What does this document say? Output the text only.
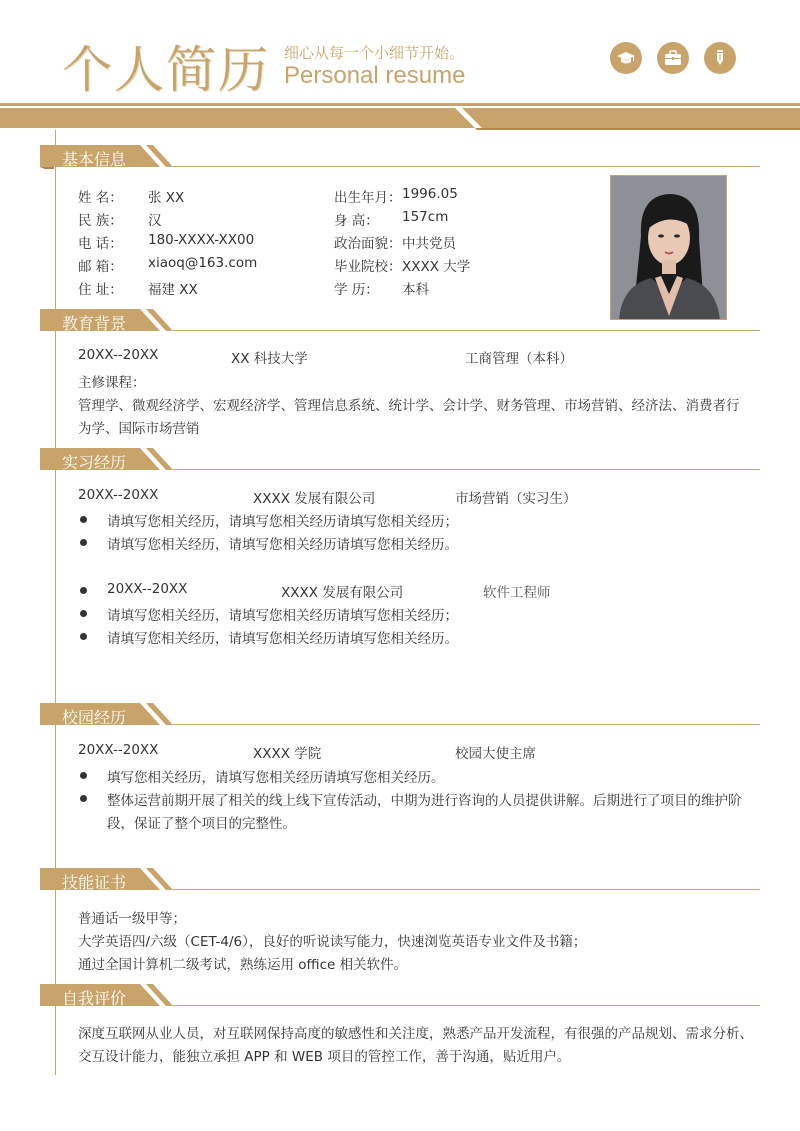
个人简历 细心从每一个小细节开始。
Personal resume
基本信息
姓 名： 张 XX
民 族： 汉
电 话： 180-XXXX-XX00
邮 箱： xiaoq@163.com
住 址： 福建 XX
出生年月： 1996.05
身 高： 157cm
政治面貌： 中共党员
毕业院校： XXXX 大学
学 历： 本科
教育背景
20XX--20XX	XX 科技大学	工商管理（本科）
主修课程：
管理学、微观经济学、宏观经济学、管理信息系统、统计学、会计学、财务管理、市场营销、经济法、消费者行
为学、国际市场营销
实习经历
20XX--20XX	XXXX 发展有限公司	市场营销（实习生）
请填写您相关经历，请填写您相关经历请填写您相关经历；
请填写您相关经历，请填写您相关经历请填写您相关经历。
20XX--20XX	XXXX 发展有限公司	软件工程师
请填写您相关经历，请填写您相关经历请填写您相关经历；
请填写您相关经历，请填写您相关经历请填写您相关经历。
校园经历
20XX--20XX	XXXX 学院	校园大使主席
填写您相关经历，请填写您相关经历请填写您相关经历。
整体运营前期开展了相关的线上线下宣传活动，中期为进行咨询的人员提供讲解。后期进行了项目的维护阶
段，保证了整个项目的完整性。
技能证书
普通话一级甲等；
大学英语四/六级（CET-4/6），良好的听说读写能力，快速浏览英语专业文件及书籍；
通过全国计算机二级考试，熟练运用 office 相关软件。
自我评价
深度互联网从业人员，对互联网保持高度的敏感性和关注度，熟悉产品开发流程，有很强的产品规划、需求分析、
交互设计能力，能独立承担 APP 和 WEB 项目的管控工作，善于沟通，贴近用户。
